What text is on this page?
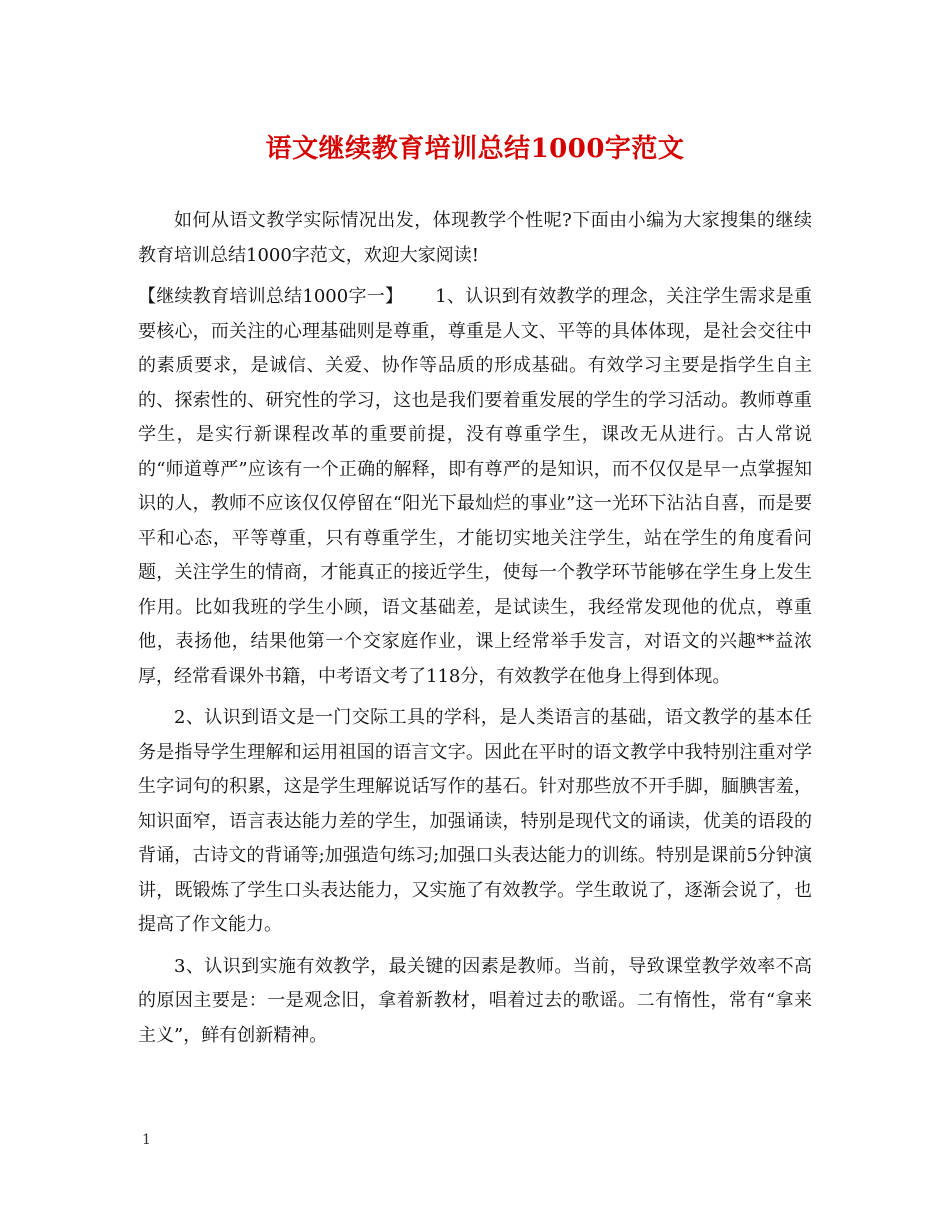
语文继续教育培训总结1000字范文

如何从语文教学实际情况出发，体现教学个性呢?下面由小编为大家搜集的继续教育培训总结1000字范文，欢迎大家阅读!

【继续教育培训总结1000字一】 1、认识到有效教学的理念，关注学生需求是重要核心，而关注的心理基础则是尊重，尊重是人文、平等的具体体现，是社会交往中的素质要求，是诚信、关爱、协作等品质的形成基础。有效学习主要是指学生自主的、探索性的、研究性的学习，这也是我们要着重发展的学生的学习活动。教师尊重学生，是实行新课程改革的重要前提，没有尊重学生，课改无从进行。古人常说的“师道尊严”应该有一个正确的解释，即有尊严的是知识，而不仅仅是早一点掌握知识的人，教师不应该仅仅停留在“阳光下最灿烂的事业”这一光环下沾沾自喜，而是要平和心态，平等尊重，只有尊重学生，才能切实地关注学生，站在学生的角度看问题，关注学生的情商，才能真正的接近学生，使每一个教学环节能够在学生身上发生作用。比如我班的学生小顾，语文基础差，是试读生，我经常发现他的优点，尊重他，表扬他，结果他第一个交家庭作业，课上经常举手发言，对语文的兴趣**益浓厚，经常看课外书籍，中考语文考了118分，有效教学在他身上得到体现。

2、认识到语文是一门交际工具的学科，是人类语言的基础，语文教学的基本任务是指导学生理解和运用祖国的语言文字。因此在平时的语文教学中我特别注重对学生字词句的积累，这是学生理解说话写作的基石。针对那些放不开手脚，腼腆害羞，知识面窄，语言表达能力差的学生，加强诵读，特别是现代文的诵读，优美的语段的背诵，古诗文的背诵等;加强造句练习;加强口头表达能力的训练。特别是课前5分钟演讲，既锻炼了学生口头表达能力，又实施了有效教学。学生敢说了，逐渐会说了，也提高了作文能力。

3、认识到实施有效教学，最关键的因素是教师。当前，导致课堂教学效率不高的原因主要是：一是观念旧，拿着新教材，唱着过去的歌谣。二有惰性，常有“拿来主义”，鲜有创新精神。

1
